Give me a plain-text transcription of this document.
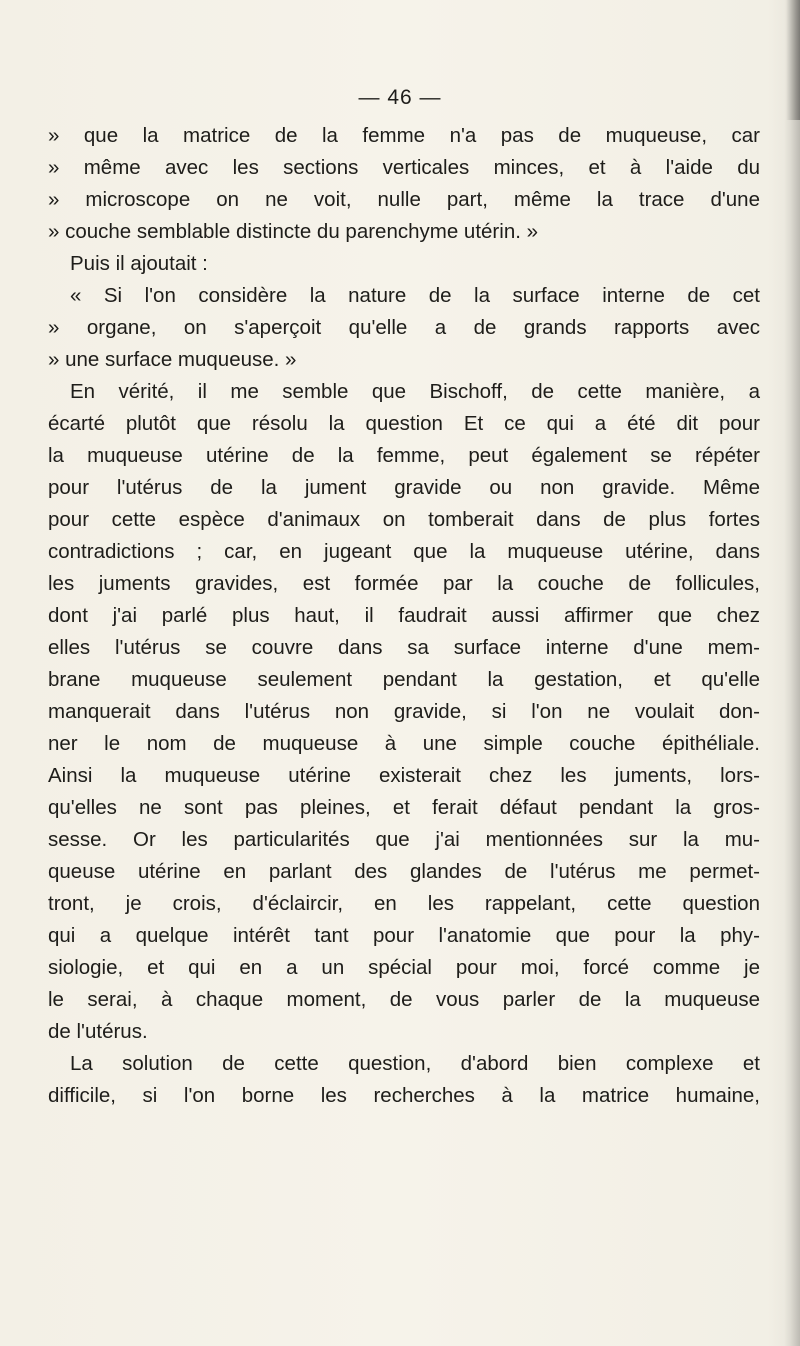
— 46 —
» que la matrice de la femme n'a pas de muqueuse, car
» même avec les sections verticales minces, et à l'aide du
» microscope on ne voit, nulle part, même la trace d'une
» couche semblable distincte du parenchyme utérin. »
Puis il ajoutait :
« Si l'on considère la nature de la surface interne de cet
» organe, on s'aperçoit qu'elle a de grands rapports avec
» une surface muqueuse. »
En vérité, il me semble que Bischoff, de cette manière, a
écarté plutôt que résolu la question Et ce qui a été dit pour
la muqueuse utérine de la femme, peut également se répéter
pour l'utérus de la jument gravide ou non gravide. Même
pour cette espèce d'animaux on tomberait dans de plus fortes
contradictions ; car, en jugeant que la muqueuse utérine, dans
les juments gravides, est formée par la couche de follicules,
dont j'ai parlé plus haut, il faudrait aussi affirmer que chez
elles l'utérus se couvre dans sa surface interne d'une mem-
brane muqueuse seulement pendant la gestation, et qu'elle
manquerait dans l'utérus non gravide, si l'on ne voulait don-
ner le nom de muqueuse à une simple couche épithéliale.
Ainsi la muqueuse utérine existerait chez les juments, lors-
qu'elles ne sont pas pleines, et ferait défaut pendant la gros-
sesse. Or les particularités que j'ai mentionnées sur la mu-
queuse utérine en parlant des glandes de l'utérus me permet-
tront, je crois, d'éclaircir, en les rappelant, cette question
qui a quelque intérêt tant pour l'anatomie que pour la phy-
siologie, et qui en a un spécial pour moi, forcé comme je
le serai, à chaque moment, de vous parler de la muqueuse
de l'utérus.
La solution de cette question, d'abord bien complexe et
difficile, si l'on borne les recherches à la matrice humaine,
